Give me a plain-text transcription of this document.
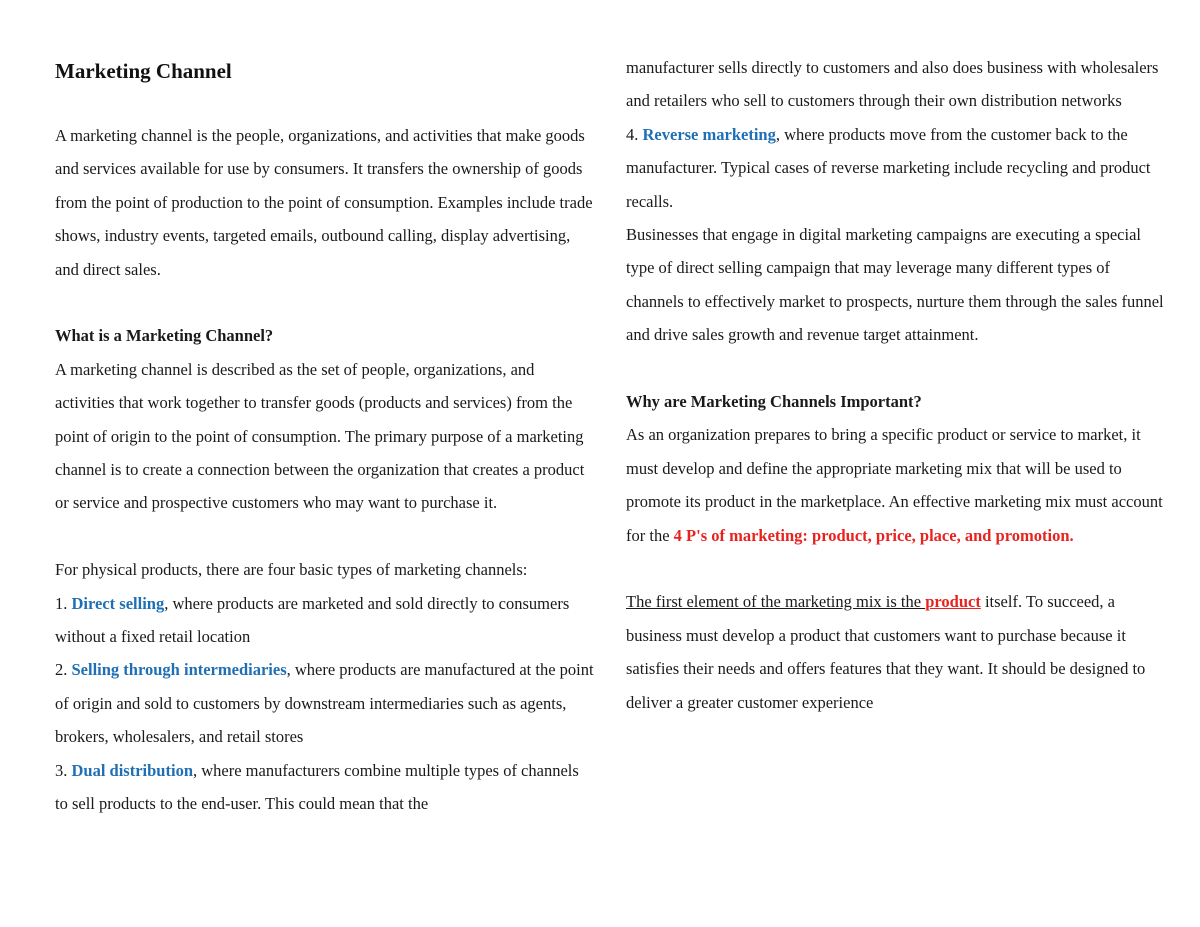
Marketing Channel

A marketing channel is the people, organizations, and activities that make goods and services available for use by consumers. It transfers the ownership of goods from the point of production to the point of consumption. Examples include trade shows, industry events, targeted emails, outbound calling, display advertising, and direct sales.

What is a Marketing Channel?

A marketing channel is described as the set of people, organizations, and activities that work together to transfer goods (products and services) from the point of origin to the point of consumption. The primary purpose of a marketing channel is to create a connection between the organization that creates a product or service and prospective customers who may want to purchase it.

For physical products, there are four basic types of marketing channels:

1. Direct selling, where products are marketed and sold directly to consumers without a fixed retail location

2. Selling through intermediaries, where products are manufactured at the point of origin and sold to customers by downstream intermediaries such as agents, brokers, wholesalers, and retail stores

3. Dual distribution, where manufacturers combine multiple types of channels to sell products to the end-user. This could mean that the

manufacturer sells directly to customers and also does business with wholesalers and retailers who sell to customers through their own distribution networks

4. Reverse marketing, where products move from the customer back to the manufacturer. Typical cases of reverse marketing include recycling and product recalls.

Businesses that engage in digital marketing campaigns are executing a special type of direct selling campaign that may leverage many different types of channels to effectively market to prospects, nurture them through the sales funnel and drive sales growth and revenue target attainment.

Why are Marketing Channels Important?

As an organization prepares to bring a specific product or service to market, it must develop and define the appropriate marketing mix that will be used to promote its product in the marketplace. An effective marketing mix must account for the 4 P's of marketing: product, price, place, and promotion.

The first element of the marketing mix is the product itself. To succeed, a business must develop a product that customers want to purchase because it satisfies their needs and offers features that they want. It should be designed to deliver a greater customer experience
